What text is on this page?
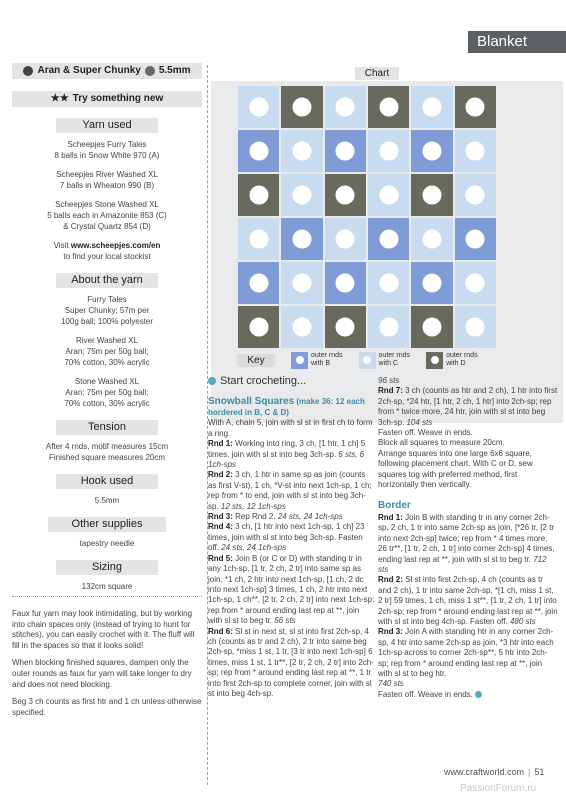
Blanket
Aran & Super Chunky 5.5mm
★★ Try something new
Yarn used
Scheepjes Furry Tales
8 balls in Snow White 970 (A)
Scheepjes River Washed XL
7 balls in Wheaton 990 (B)
Scheepjes Stone Washed XL
5 balls each in Amazonite 853 (C)
& Crystal Quartz 854 (D)
Visit www.scheepjes.com/en
to find your local stockist
About the yarn
Furry Tales
Super Chunky; 57m per
100g ball; 100% polyester
River Washed XL
Aran; 75m per 50g ball;
70% cotton, 30% acrylic
Stone Washed XL
Aran; 75m per 50g ball;
70% cotton, 30% acrylic
Tension
After 4 rnds, motif measures 15cm
Finished square measures 20cm
Hook used
5.5mm
Other supplies
tapestry needle
Sizing
132cm square
Faux fur yarn may look intimidating, but by working into chain spaces only (instead of trying to hunt for stitches), you can easily crochet with it. The fluff will fill in the spaces so that it looks solid!
When blocking finished squares, dampen only the outer rounds as faux fur yarn will take longer to dry and does not need blocking.
Beg 3 ch counts as first htr and 1 ch unless otherwise specified.
Chart
Key	outer rnds
with B
outer rnds
with C
outer rnds
with D
Start crocheting...
Snowball Squares (make 36: 12 each bordered in B, C & D)
With A, chain 5, join with sl st in first ch to form a ring.
Rnd 1: Working into ring, 3 ch, [1 htr, 1 ch] 5 times, join with sl st into beg 3ch-sp. 6 sts, 6 1ch-sps
Rnd 2: 3 ch, 1 htr in same sp as join (counts as first V-st), 1 ch, *V-st into next 1ch-sp, 1 ch; rep from * to end, join with sl st into beg 3ch-sp. 12 sts, 12 1ch-sps
Rnd 3: Rep Rnd 2. 24 sts, 24 1ch-sps
Rnd 4: 3 ch, [1 htr into next 1ch-sp, 1 ch] 23 times, join with sl st into beg 3ch-sp. Fasten off. 24 sts, 24 1ch-sps
Rnd 5: Join B (or C or D) with standing tr in any 1ch-sp, [1 tr, 2 ch, 2 tr] into same sp as join, *1 ch, 2 htr into next 1ch-sp, [1 ch, 2 dc into next 1ch-sp] 3 times, 1 ch, 2 htr into next 1ch-sp, 1 ch**, [2 tr, 2 ch, 2 tr] into next 1ch-sp; rep from * around ending last rep at **, join with sl st to beg tr. 56 sts
Rnd 6: Sl st in next st, sl st into first 2ch-sp, 4 ch (counts as tr and 2 ch), 2 tr into same beg 2ch-sp, *miss 1 st, 1 tr, [3 tr into next 1ch-sp] 6 times, miss 1 st, 1 tr**, [2 tr, 2 ch, 2 tr] into 2ch-sp; rep from * around ending last rep at **, 1 tr into first 2ch-sp to complete corner, join with sl st into beg 4ch-sp.
96 sts
Rnd 7: 3 ch (counts as htr and 2 ch), 1 htr into first 2ch-sp, *24 htr, [1 htr, 2 ch, 1 htr] into 2ch-sp; rep from * twice more, 24 htr, join with sl st into beg 3ch-sp. 104 sts
Fasten off. Weave in ends.
Block all squares to measure 20cm.
Arrange squares into one large 6x6 square, following placement chart. With C or D, sew squares tog with preferred method, first horizontally then vertically.
Border
Rnd 1: Join B with standing tr in any corner 2ch-sp, 2 ch, 1 tr into same 2ch-sp as join, [*26 tr, [2 tr into next 2ch-sp] twice; rep from * 4 times more, 26 tr**, [1 tr, 2 ch, 1 tr] into corner 2ch-sp] 4 times, ending last rep at **, join with sl st to beg tr. 712 sts
Rnd 2: Sl st into first 2ch-sp, 4 ch (counts as tr and 2 ch), 1 tr into same 2ch-sp, *[1 ch, miss 1 st, 2 tr] 59 times, 1 ch, miss 1 st**, [1 tr, 2 ch, 1 tr] into 2ch-sp; rep from * around ending last rep at **, join with sl st into beg 4ch-sp. Fasten off. 480 sts
Rnd 3: Join A with standing htr in any corner 2ch-sp, 4 htr into same 2ch-sp as join, *3 htr into each 1ch-sp across to corner 2ch-sp**, 5 htr into 2ch-sp; rep from * around ending last rep at **, join with sl st to beg htr.
740 sts
Fasten off. Weave in ends.
www.craftworld.com | 51
PassionForum.ru
